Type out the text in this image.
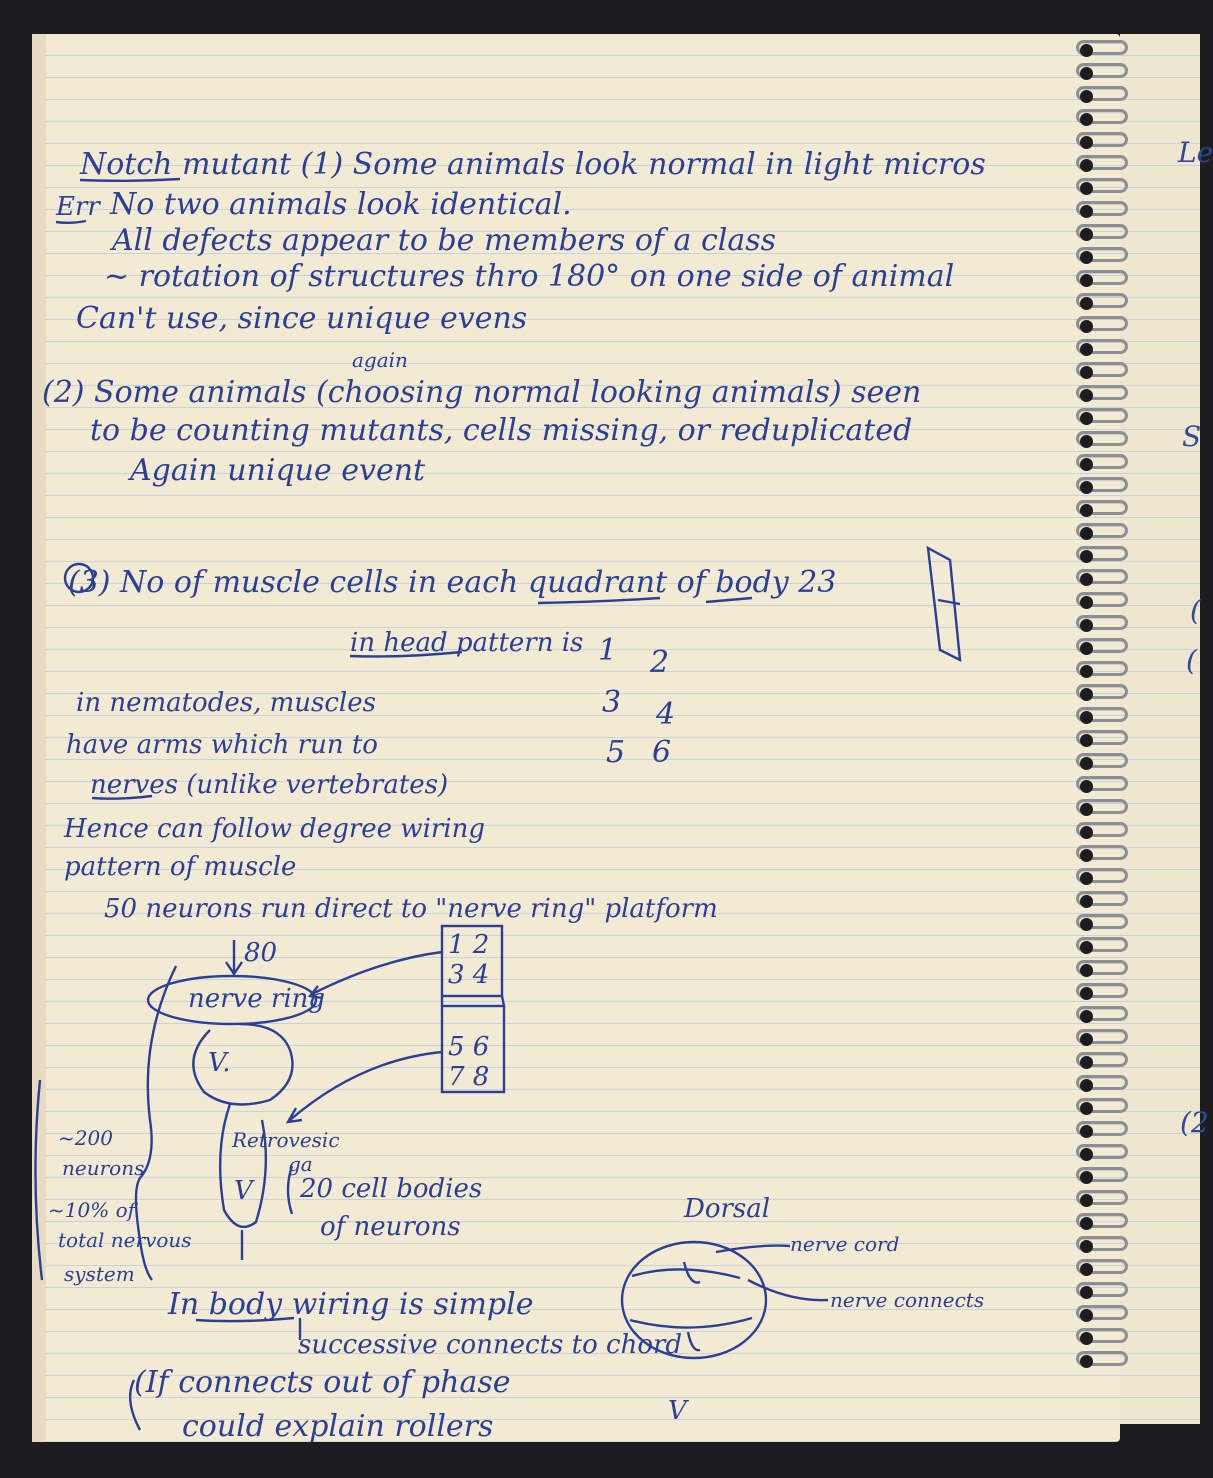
Le
S
(
(
(2
Notch mutant (1) Some animals look normal in light micros
Err No two animals look identical.
All defects appear to be members of a class
~ rotation of structures thro 180° on one side of animal
Can't use, since unique evens
again
(2) Some animals (choosing normal looking animals) seen
to be counting mutants, cells missing, or reduplicated
Again unique event
(3) No of muscle cells in each quadrant of body 23
in head pattern is 1 2
3 4
5 6
in nematodes, muscles
have arms which run to
nerves (unlike vertebrates)
Hence can follow degree wiring
pattern of muscle
50 neurons run direct to "nerve ring" platform
80
nerve ring
V.
Retrovesic
ga
V 20 cell bodies
of neurons
1 2
3 4
5 6
7 8
~200
neurons
~10% of
total nervous
system
Dorsal
nerve cord
nerve connects
V
In body wiring is simple
successive connects to chord
(If connects out of phase
could explain rollers
